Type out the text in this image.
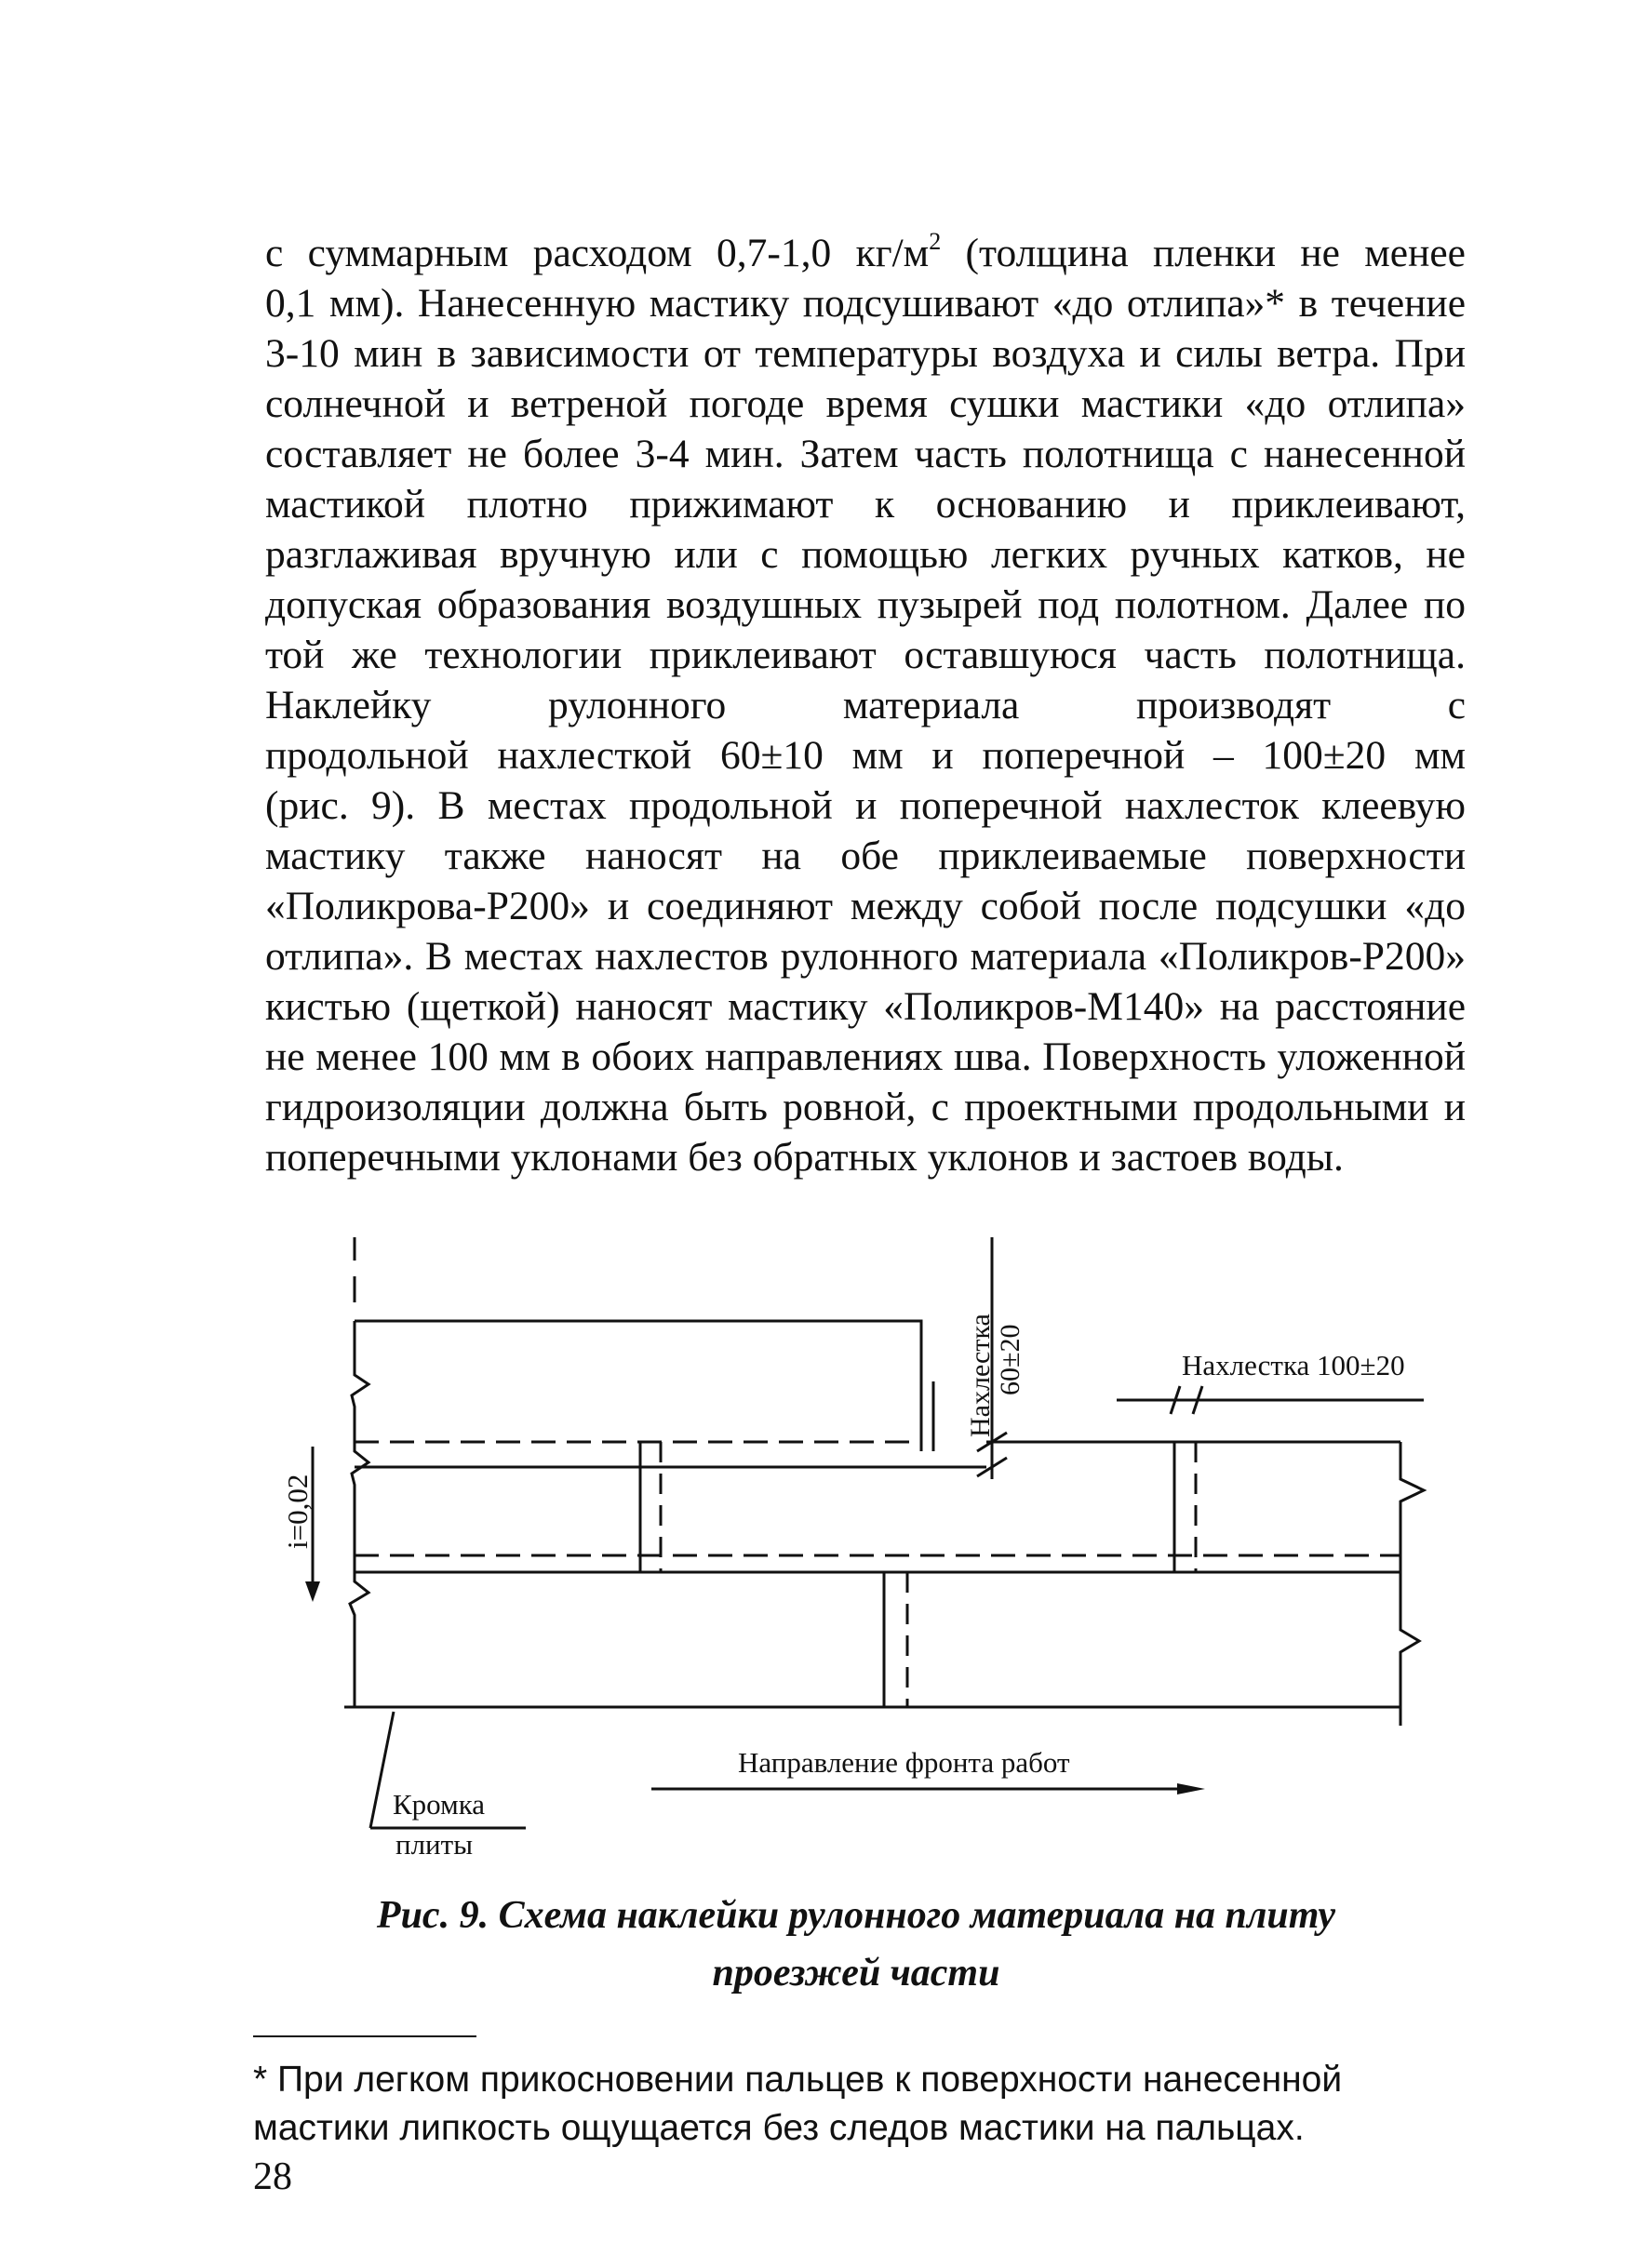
с суммарным расходом 0,7-1,0 $кг/м^2$ (толщина пленки не менее
0,1 мм). Нанесенную мастику подсушивают «до отлипа»* в течение
3-10 мин в зависимости от температуры воздуха и силы ветра. При
солнечной и ветреной погоде время сушки мастики «до отлипа»
составляет не более 3-4 мин. Затем часть полотнища с нанесенной
мастикой плотно прижимают к основанию и приклеивают,
разглаживая вручную или с помощью легких ручных катков, не
допуская образования воздушных пузырей под полотном. Далее по
той же технологии приклеивают оставшуюся часть полотнища.
Наклейку рулонного материала производят с
продольной нахлесткой 60±10 мм и поперечной – 100±20 мм
(рис. 9). В местах продольной и поперечной нахлесток клеевую
мастику также наносят на обе приклеиваемые поверхности
«Поликрова-Р200» и соединяют между собой после подсушки «до
отлипа». В местах нахлестов рулонного материала «Поликров-Р200»
кистью (щеткой) наносят мастику «Поликров-М140» на расстояние
не менее 100 мм в обоих направлениях шва. Поверхность уложенной
гидроизоляции должна быть ровной, с проектными продольными и
поперечными уклонами без обратных уклонов и застоев воды.
Нахлестка 60±20	Нахлестка 100±20
i=0,02
Направление фронта работ
Кромка
плиты
Рис. 9. Схема наклейки рулонного материала на плиту
проезжей части
* При легком прикосновении пальцев к поверхности нанесенной
мастики липкость ощущается без следов мастики на пальцах.
28
